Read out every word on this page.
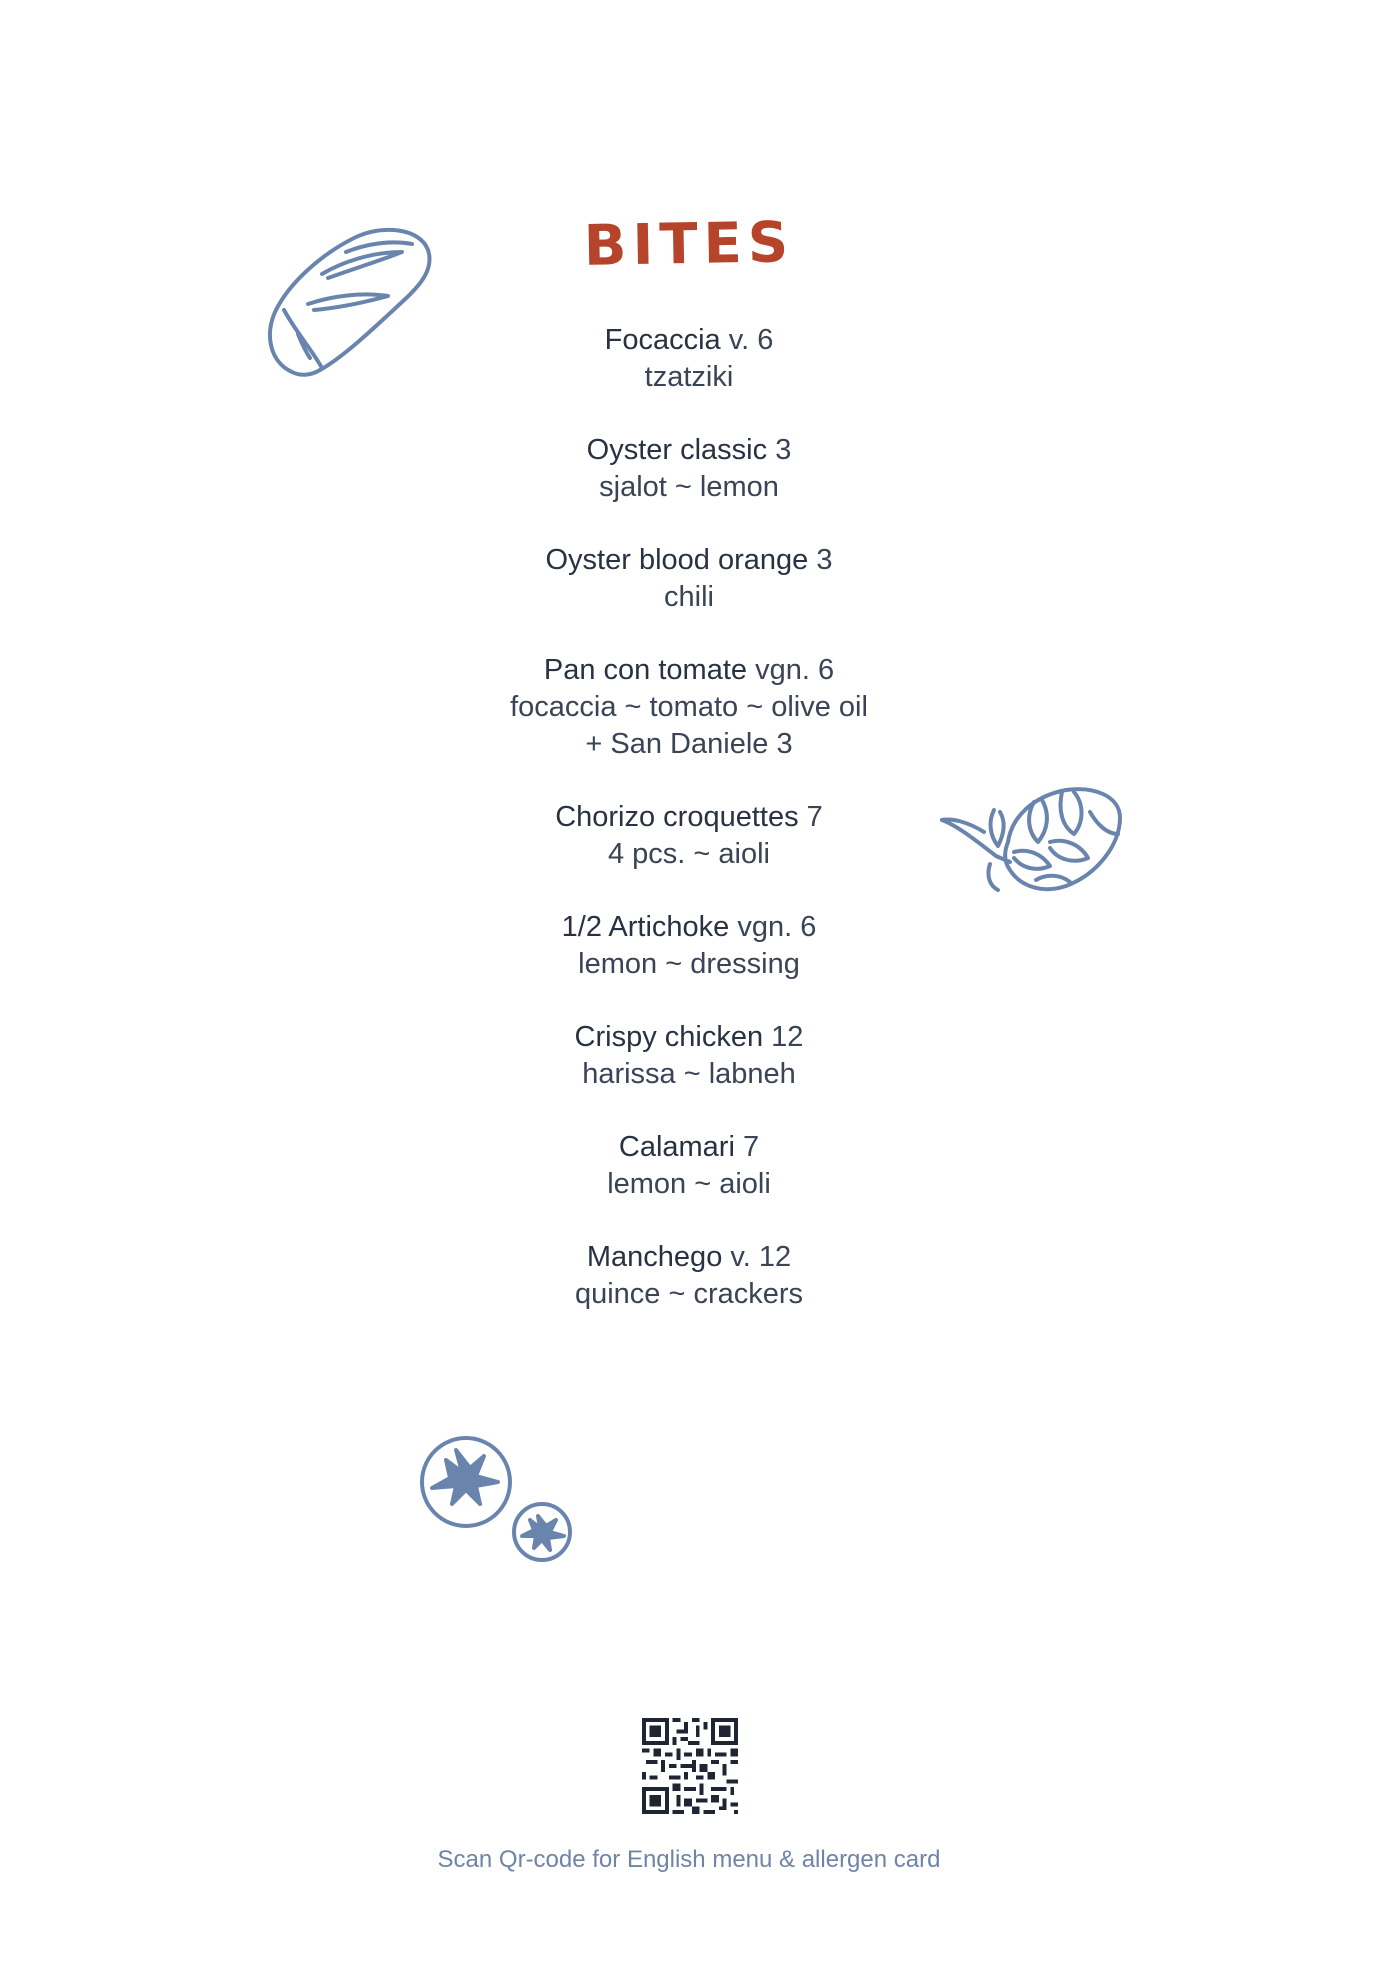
BITES
Focaccia v. 6
tzatziki
Oyster classic 3
sjalot ~ lemon
Oyster blood orange 3
chili
Pan con tomate vgn. 6
focaccia ~ tomato ~ olive oil
+ San Daniele 3
Chorizo croquettes 7
4 pcs. ~ aioli
1/2 Artichoke vgn. 6
lemon ~ dressing
Crispy chicken 12
harissa ~ labneh
Calamari 7
lemon ~ aioli
Manchego v. 12
quince ~ crackers
Scan Qr-code for English menu & allergen card
